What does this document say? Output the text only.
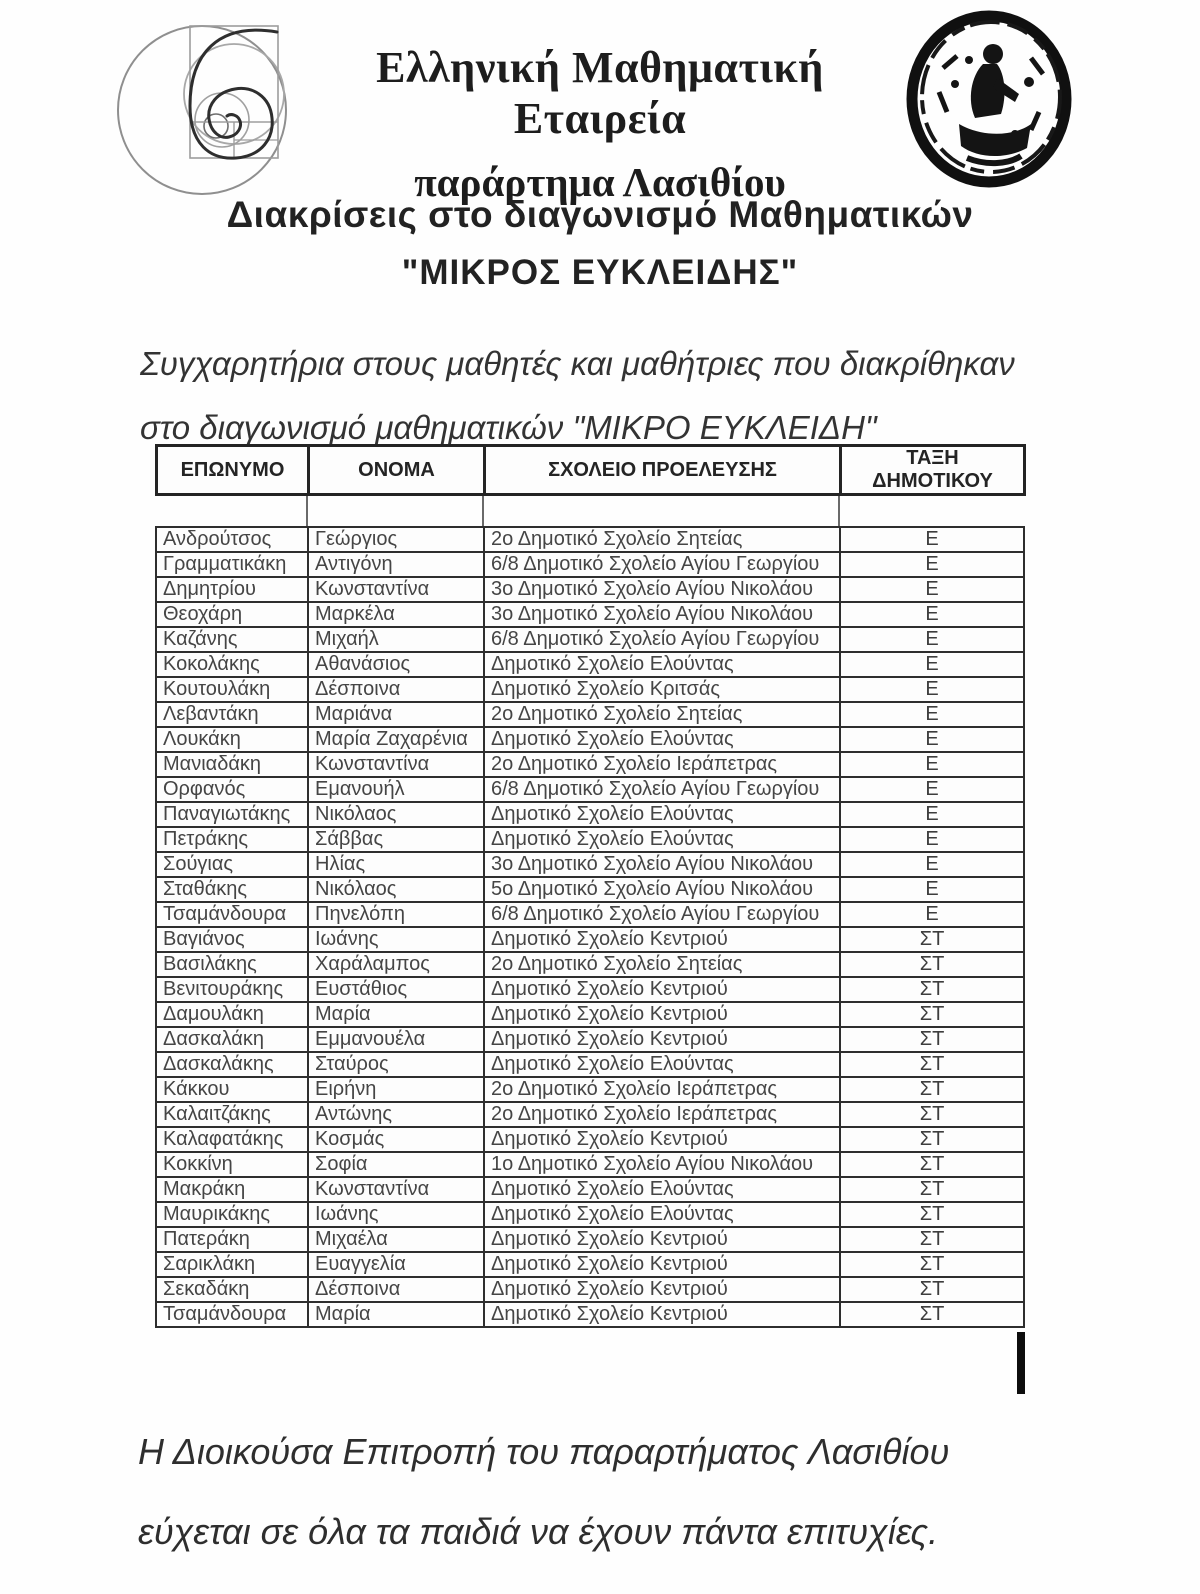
Ελληνική Μαθηματική Εταιρεία
παράρτημα Λασιθίου
Διακρίσεις στο διαγωνισμό Μαθηματικών
"ΜΙΚΡΟΣ ΕΥΚΛΕΙΔΗΣ"
Συγχαρητήρια στους μαθητές και μαθήτριες που διακρίθηκαν
στο διαγωνισμό μαθηματικών "ΜΙΚΡΟ ΕΥΚΛΕΙΔΗ"
ΕΠΩΝΥΜΟ	ΟΝΟΜΑ	ΣΧΟΛΕΙΟ ΠΡΟΕΛΕΥΣΗΣ	ΤΑΞΗ ΔΗΜΟΤΙΚΟΥ
Ανδρούτσος	Γεώργιος	2ο Δημοτικό Σχολείο Σητείας	Ε
Γραμματικάκη	Αντιγόνη	6/8 Δημοτικό Σχολείο Αγίου Γεωργίου	Ε
Δημητρίου	Κωνσταντίνα	3ο Δημοτικό Σχολείο Αγίου Νικολάου	Ε
Θεοχάρη	Μαρκέλα	3ο Δημοτικό Σχολείο Αγίου Νικολάου	Ε
Καζάνης	Μιχαήλ	6/8 Δημοτικό Σχολείο Αγίου Γεωργίου	Ε
Κοκολάκης	Αθανάσιος	Δημοτικό Σχολείο Ελούντας	Ε
Κουτουλάκη	Δέσποινα	Δημοτικό Σχολείο Κριτσάς	Ε
Λεβαντάκη	Μαριάνα	2ο Δημοτικό Σχολείο Σητείας	Ε
Λουκάκη	Μαρία Ζαχαρένια	Δημοτικό Σχολείο Ελούντας	Ε
Μανιαδάκη	Κωνσταντίνα	2ο Δημοτικό Σχολείο Ιεράπετρας	Ε
Ορφανός	Εμανουήλ	6/8 Δημοτικό Σχολείο Αγίου Γεωργίου	Ε
Παναγιωτάκης	Νικόλαος	Δημοτικό Σχολείο Ελούντας	Ε
Πετράκης	Σάββας	Δημοτικό Σχολείο Ελούντας	Ε
Σούγιας	Ηλίας	3ο Δημοτικό Σχολείο Αγίου Νικολάου	Ε
Σταθάκης	Νικόλαος	5ο Δημοτικό Σχολείο Αγίου Νικολάου	Ε
Τσαμάνδουρα	Πηνελόπη	6/8 Δημοτικό Σχολείο Αγίου Γεωργίου	Ε
Βαγιάνος	Ιωάνης	Δημοτικό Σχολείο Κεντριού	ΣΤ
Βασιλάκης	Χαράλαμπος	2ο Δημοτικό Σχολείο Σητείας	ΣΤ
Βενιτουράκης	Ευστάθιος	Δημοτικό Σχολείο Κεντριού	ΣΤ
Δαμουλάκη	Μαρία	Δημοτικό Σχολείο Κεντριού	ΣΤ
Δασκαλάκη	Εμμανουέλα	Δημοτικό Σχολείο Κεντριού	ΣΤ
Δασκαλάκης	Σταύρος	Δημοτικό Σχολείο Ελούντας	ΣΤ
Κάκκου	Ειρήνη	2ο Δημοτικό Σχολείο Ιεράπετρας	ΣΤ
Καλαιτζάκης	Αντώνης	2ο Δημοτικό Σχολείο Ιεράπετρας	ΣΤ
Καλαφατάκης	Κοσμάς	Δημοτικό Σχολείο Κεντριού	ΣΤ
Κοκκίνη	Σοφία	1ο Δημοτικό Σχολείο Αγίου Νικολάου	ΣΤ
Μακράκη	Κωνσταντίνα	Δημοτικό Σχολείο Ελούντας	ΣΤ
Μαυρικάκης	Ιωάνης	Δημοτικό Σχολείο Ελούντας	ΣΤ
Πατεράκη	Μιχαέλα	Δημοτικό Σχολείο Κεντριού	ΣΤ
Σαρικλάκη	Ευαγγελία	Δημοτικό Σχολείο Κεντριού	ΣΤ
Σεκαδάκη	Δέσποινα	Δημοτικό Σχολείο Κεντριού	ΣΤ
Τσαμάνδουρα	Μαρία	Δημοτικό Σχολείο Κεντριού	ΣΤ
Η Διοικούσα Επιτροπή του παραρτήματος Λασιθίου
εύχεται σε όλα τα παιδιά να έχουν πάντα επιτυχίες.
